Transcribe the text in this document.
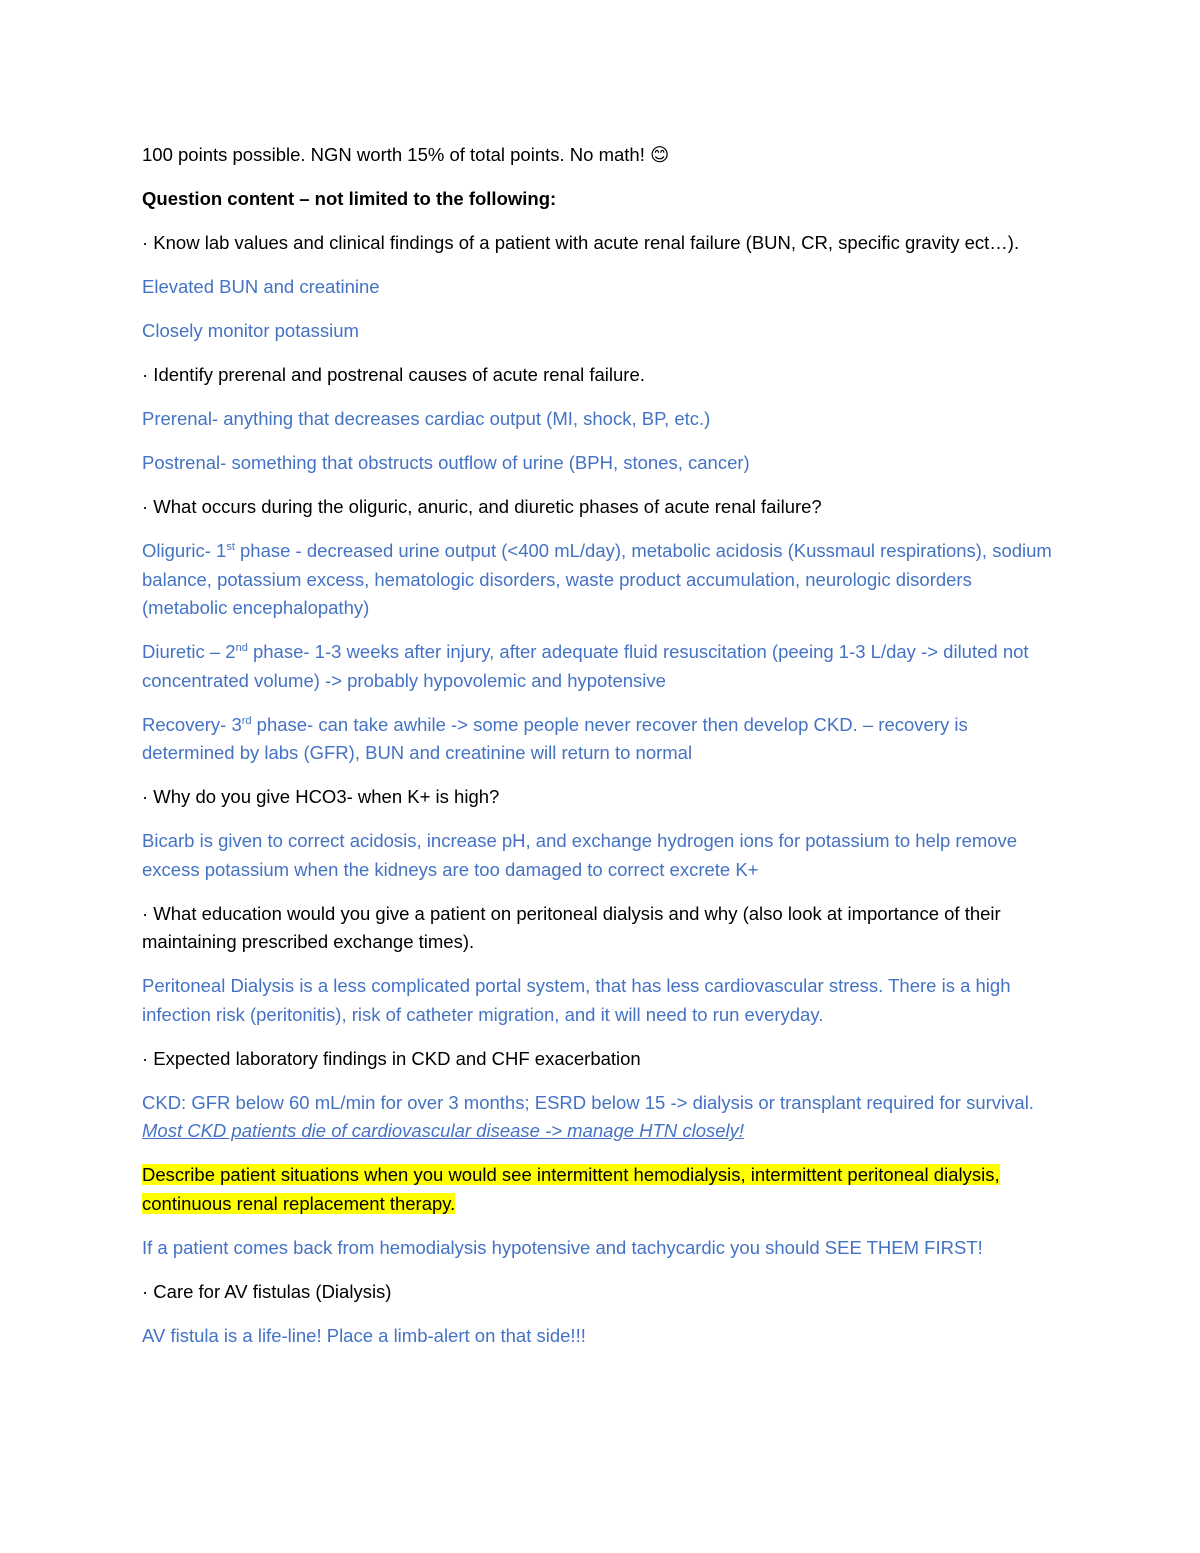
100 points possible. NGN worth 15% of total points. No math! 😊

Question content – not limited to the following:

· Know lab values and clinical findings of a patient with acute renal failure (BUN, CR, specific gravity ect…).

Elevated BUN and creatinine

Closely monitor potassium

· Identify prerenal and postrenal causes of acute renal failure.

Prerenal- anything that decreases cardiac output (MI, shock, BP, etc.)

Postrenal- something that obstructs outflow of urine (BPH, stones, cancer)

· What occurs during the oliguric, anuric, and diuretic phases of acute renal failure?

Oliguric- 1st phase - decreased urine output (<400 mL/day), metabolic acidosis (Kussmaul respirations), sodium balance, potassium excess, hematologic disorders, waste product accumulation, neurologic disorders (metabolic encephalopathy)

Diuretic – 2nd phase- 1-3 weeks after injury, after adequate fluid resuscitation (peeing 1-3 L/day -> diluted not concentrated volume) -> probably hypovolemic and hypotensive

Recovery- 3rd phase- can take awhile -> some people never recover then develop CKD. – recovery is determined by labs (GFR), BUN and creatinine will return to normal

· Why do you give HCO3- when K+ is high?

Bicarb is given to correct acidosis, increase pH, and exchange hydrogen ions for potassium to help remove excess potassium when the kidneys are too damaged to correct excrete K+

· What education would you give a patient on peritoneal dialysis and why (also look at importance of their maintaining prescribed exchange times).

Peritoneal Dialysis is a less complicated portal system, that has less cardiovascular stress. There is a high infection risk (peritonitis), risk of catheter migration, and it will need to run everyday.

· Expected laboratory findings in CKD and CHF exacerbation

CKD: GFR below 60 mL/min for over 3 months; ESRD below 15 -> dialysis or transplant required for survival. Most CKD patients die of cardiovascular disease -> manage HTN closely!

Describe patient situations when you would see intermittent hemodialysis, intermittent peritoneal dialysis, continuous renal replacement therapy.

If a patient comes back from hemodialysis hypotensive and tachycardic you should SEE THEM FIRST!

· Care for AV fistulas (Dialysis)

AV fistula is a life-line! Place a limb-alert on that side!!!
